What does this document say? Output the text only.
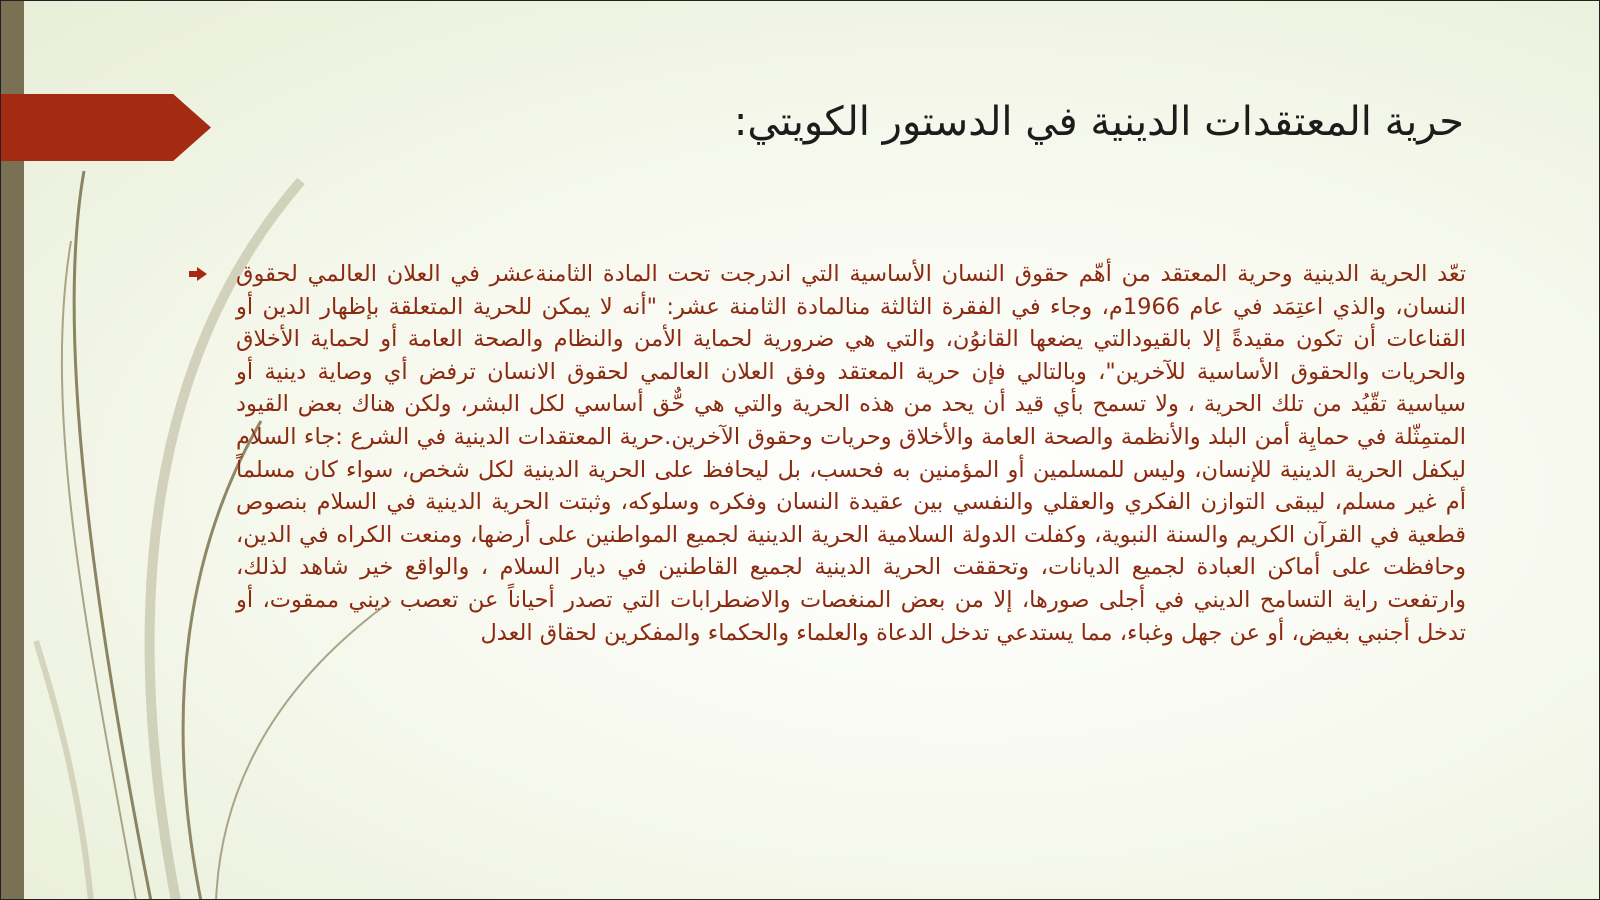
حرية المعتقدات الدينية في الدستور الكويتي:
تعّد الحرية الدينية وحرية المعتقد من أهّم حقوق النسان الأساسية التي اندرجت تحت المادة الثامنةعشر في العلان العالمي لحقوق النسان، والذي اعتِمَد في عام 1966م، وجاء في الفقرة الثالثة منالمادة الثامنة عشر: "أنه لا يمكن للحرية المتعلقة بإظهار الدين أو القناعات أن تكون مقيدةً إلا بالقيودالتي يضعها القانوُن، والتي هي ضرورية لحماية الأمن والنظام والصحة العامة أو لحماية الأخلاق والحريات والحقوق الأساسية للآخرين"، وبالتالي فإن حرية المعتقد وفق العلان العالمي لحقوق الانسان ترفض أي وصاية دينية أو سياسية تقّيُد من تلك الحرية ، ولا تسمح بأي قيد أن يحد من هذه الحرية والتي هي حٌّق أساسي لكل البشر، ولكن هناك بعض القيود المتمِثّلة في حمايِة أمن البلد والأنظمة والصحة العامة والأخلاق وحريات وحقوق الآخرين.حرية المعتقدات الدينية في الشرع :جاء السلام ليكفل الحرية الدينية للإنسان، وليس للمسلمين أو المؤمنين به فحسب، بل ليحافظ على الحرية الدينية لكل شخص، سواء كان مسلماً أم غير مسلم، ليبقى التوازن الفكري والعقلي والنفسي بين عقيدة النسان وفكره وسلوكه، وثبتت الحرية الدينية في السلام بنصوص قطعية في القرآن الكريم والسنة النبوية، وكفلت الدولة السلامية الحرية الدينية لجميع المواطنين على أرضها، ومنعت الكراه في الدين، وحافظت على أماكن العبادة لجميع الديانات، وتحققت الحرية الدينية لجميع القاطنين في ديار السلام ، والواقع خير شاهد لذلك، وارتفعت راية التسامح الديني في أجلى صورها، إلا من بعض المنغصات والاضطرابات التي تصدر أحياناً عن تعصب ديني ممقوت، أو تدخل أجنبي بغيض، أو عن جهل وغباء، مما يستدعي تدخل الدعاة والعلماء والحكماء والمفكرين لحقاق العدل
